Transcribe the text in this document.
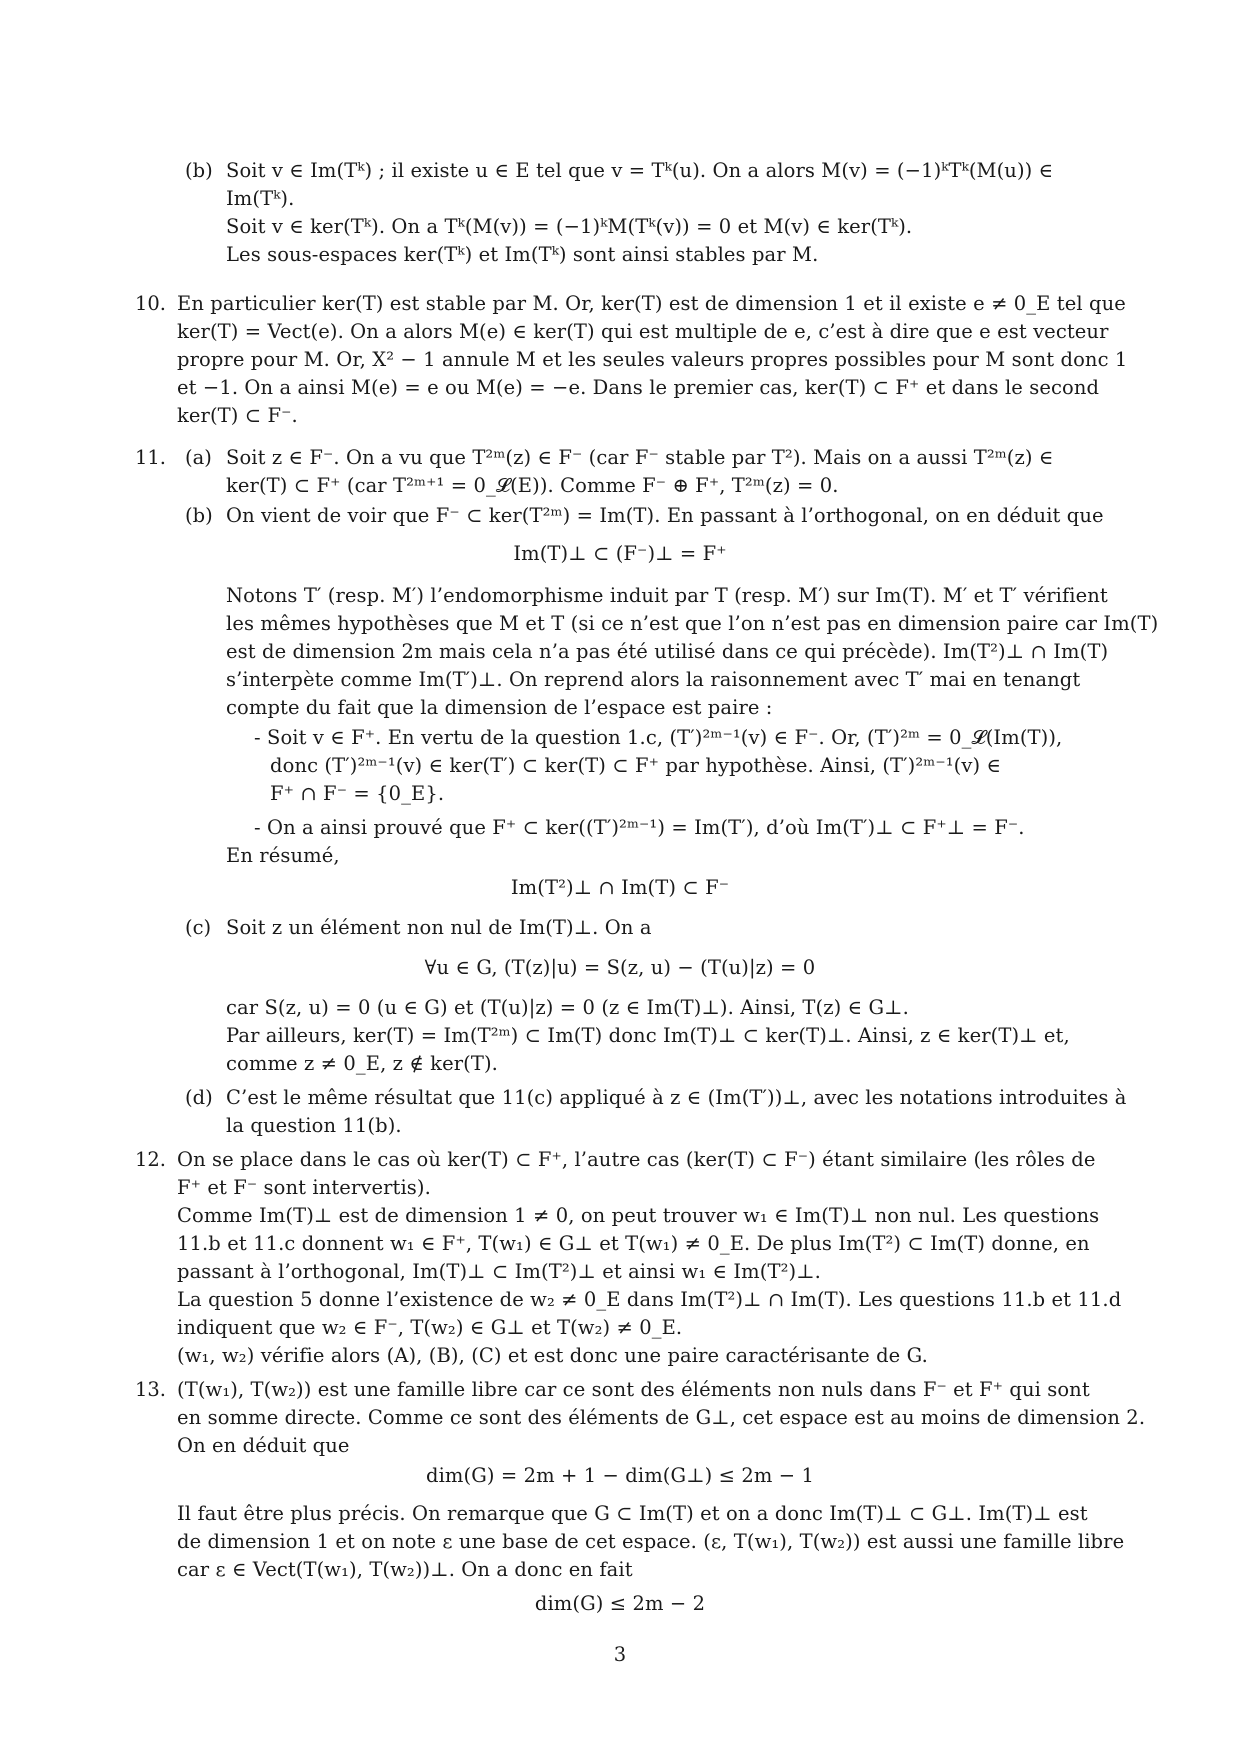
(b) Soit v ∈ Im(Tᵏ) ; il existe u ∈ E tel que v = Tᵏ(u). On a alors M(v) = (−1)ᵏTᵏ(M(u)) ∈
Im(Tᵏ).
Soit v ∈ ker(Tᵏ). On a Tᵏ(M(v)) = (−1)ᵏM(Tᵏ(v)) = 0 et M(v) ∈ ker(Tᵏ).
Les sous-espaces ker(Tᵏ) et Im(Tᵏ) sont ainsi stables par M.
10. En particulier ker(T) est stable par M. Or, ker(T) est de dimension 1 et il existe e ≠ 0_E tel que
ker(T) = Vect(e). On a alors M(e) ∈ ker(T) qui est multiple de e, c’est à dire que e est vecteur
propre pour M. Or, X² − 1 annule M et les seules valeurs propres possibles pour M sont donc 1
et −1. On a ainsi M(e) = e ou M(e) = −e. Dans le premier cas, ker(T) ⊂ F⁺ et dans le second
ker(T) ⊂ F⁻.
11. (a) Soit z ∈ F⁻. On a vu que T²ᵐ(z) ∈ F⁻ (car F⁻ stable par T²). Mais on a aussi T²ᵐ(z) ∈
ker(T) ⊂ F⁺ (car T²ᵐ⁺¹ = 0_𝓛(E)). Comme F⁻ ⊕ F⁺, T²ᵐ(z) = 0.
(b) On vient de voir que F⁻ ⊂ ker(T²ᵐ) = Im(T). En passant à l’orthogonal, on en déduit que
Im(T)⊥ ⊂ (F⁻)⊥ = F⁺
Notons T′ (resp. M′) l’endomorphisme induit par T (resp. M′) sur Im(T). M′ et T′ vérifient
les mêmes hypothèses que M et T (si ce n’est que l’on n’est pas en dimension paire car Im(T)
est de dimension 2m mais cela n’a pas été utilisé dans ce qui précède). Im(T²)⊥ ∩ Im(T)
s’interpète comme Im(T′)⊥. On reprend alors la raisonnement avec T′ mai en tenangt
compte du fait que la dimension de l’espace est paire :
- Soit v ∈ F⁺. En vertu de la question 1.c, (T′)²ᵐ⁻¹(v) ∈ F⁻. Or, (T′)²ᵐ = 0_𝓛(Im(T)),
donc (T′)²ᵐ⁻¹(v) ∈ ker(T′) ⊂ ker(T) ⊂ F⁺ par hypothèse. Ainsi, (T′)²ᵐ⁻¹(v) ∈
F⁺ ∩ F⁻ = {0_E}.
- On a ainsi prouvé que F⁺ ⊂ ker((T′)²ᵐ⁻¹) = Im(T′), d’où Im(T′)⊥ ⊂ F⁺⊥ = F⁻.
En résumé,
Im(T²)⊥ ∩ Im(T) ⊂ F⁻
(c) Soit z un élément non nul de Im(T)⊥. On a
∀u ∈ G, (T(z)|u) = S(z, u) − (T(u)|z) = 0
car S(z, u) = 0 (u ∈ G) et (T(u)|z) = 0 (z ∈ Im(T)⊥). Ainsi, T(z) ∈ G⊥.
Par ailleurs, ker(T) = Im(T²ᵐ) ⊂ Im(T) donc Im(T)⊥ ⊂ ker(T)⊥. Ainsi, z ∈ ker(T)⊥ et,
comme z ≠ 0_E, z ∉ ker(T).
(d) C’est le même résultat que 11(c) appliqué à z ∈ (Im(T′))⊥, avec les notations introduites à
la question 11(b).
12. On se place dans le cas où ker(T) ⊂ F⁺, l’autre cas (ker(T) ⊂ F⁻) étant similaire (les rôles de
F⁺ et F⁻ sont intervertis).
Comme Im(T)⊥ est de dimension 1 ≠ 0, on peut trouver w₁ ∈ Im(T)⊥ non nul. Les questions
11.b et 11.c donnent w₁ ∈ F⁺, T(w₁) ∈ G⊥ et T(w₁) ≠ 0_E. De plus Im(T²) ⊂ Im(T) donne, en
passant à l’orthogonal, Im(T)⊥ ⊂ Im(T²)⊥ et ainsi w₁ ∈ Im(T²)⊥.
La question 5 donne l’existence de w₂ ≠ 0_E dans Im(T²)⊥ ∩ Im(T). Les questions 11.b et 11.d
indiquent que w₂ ∈ F⁻, T(w₂) ∈ G⊥ et T(w₂) ≠ 0_E.
(w₁, w₂) vérifie alors (A), (B), (C) et est donc une paire caractérisante de G.
13. (T(w₁), T(w₂)) est une famille libre car ce sont des éléments non nuls dans F⁻ et F⁺ qui sont
en somme directe. Comme ce sont des éléments de G⊥, cet espace est au moins de dimension 2.
On en déduit que
dim(G) = 2m + 1 − dim(G⊥) ≤ 2m − 1
Il faut être plus précis. On remarque que G ⊂ Im(T) et on a donc Im(T)⊥ ⊂ G⊥. Im(T)⊥ est
de dimension 1 et on note ε une base de cet espace. (ε, T(w₁), T(w₂)) est aussi une famille libre
car ε ∈ Vect(T(w₁), T(w₂))⊥. On a donc en fait
dim(G) ≤ 2m − 2
3
